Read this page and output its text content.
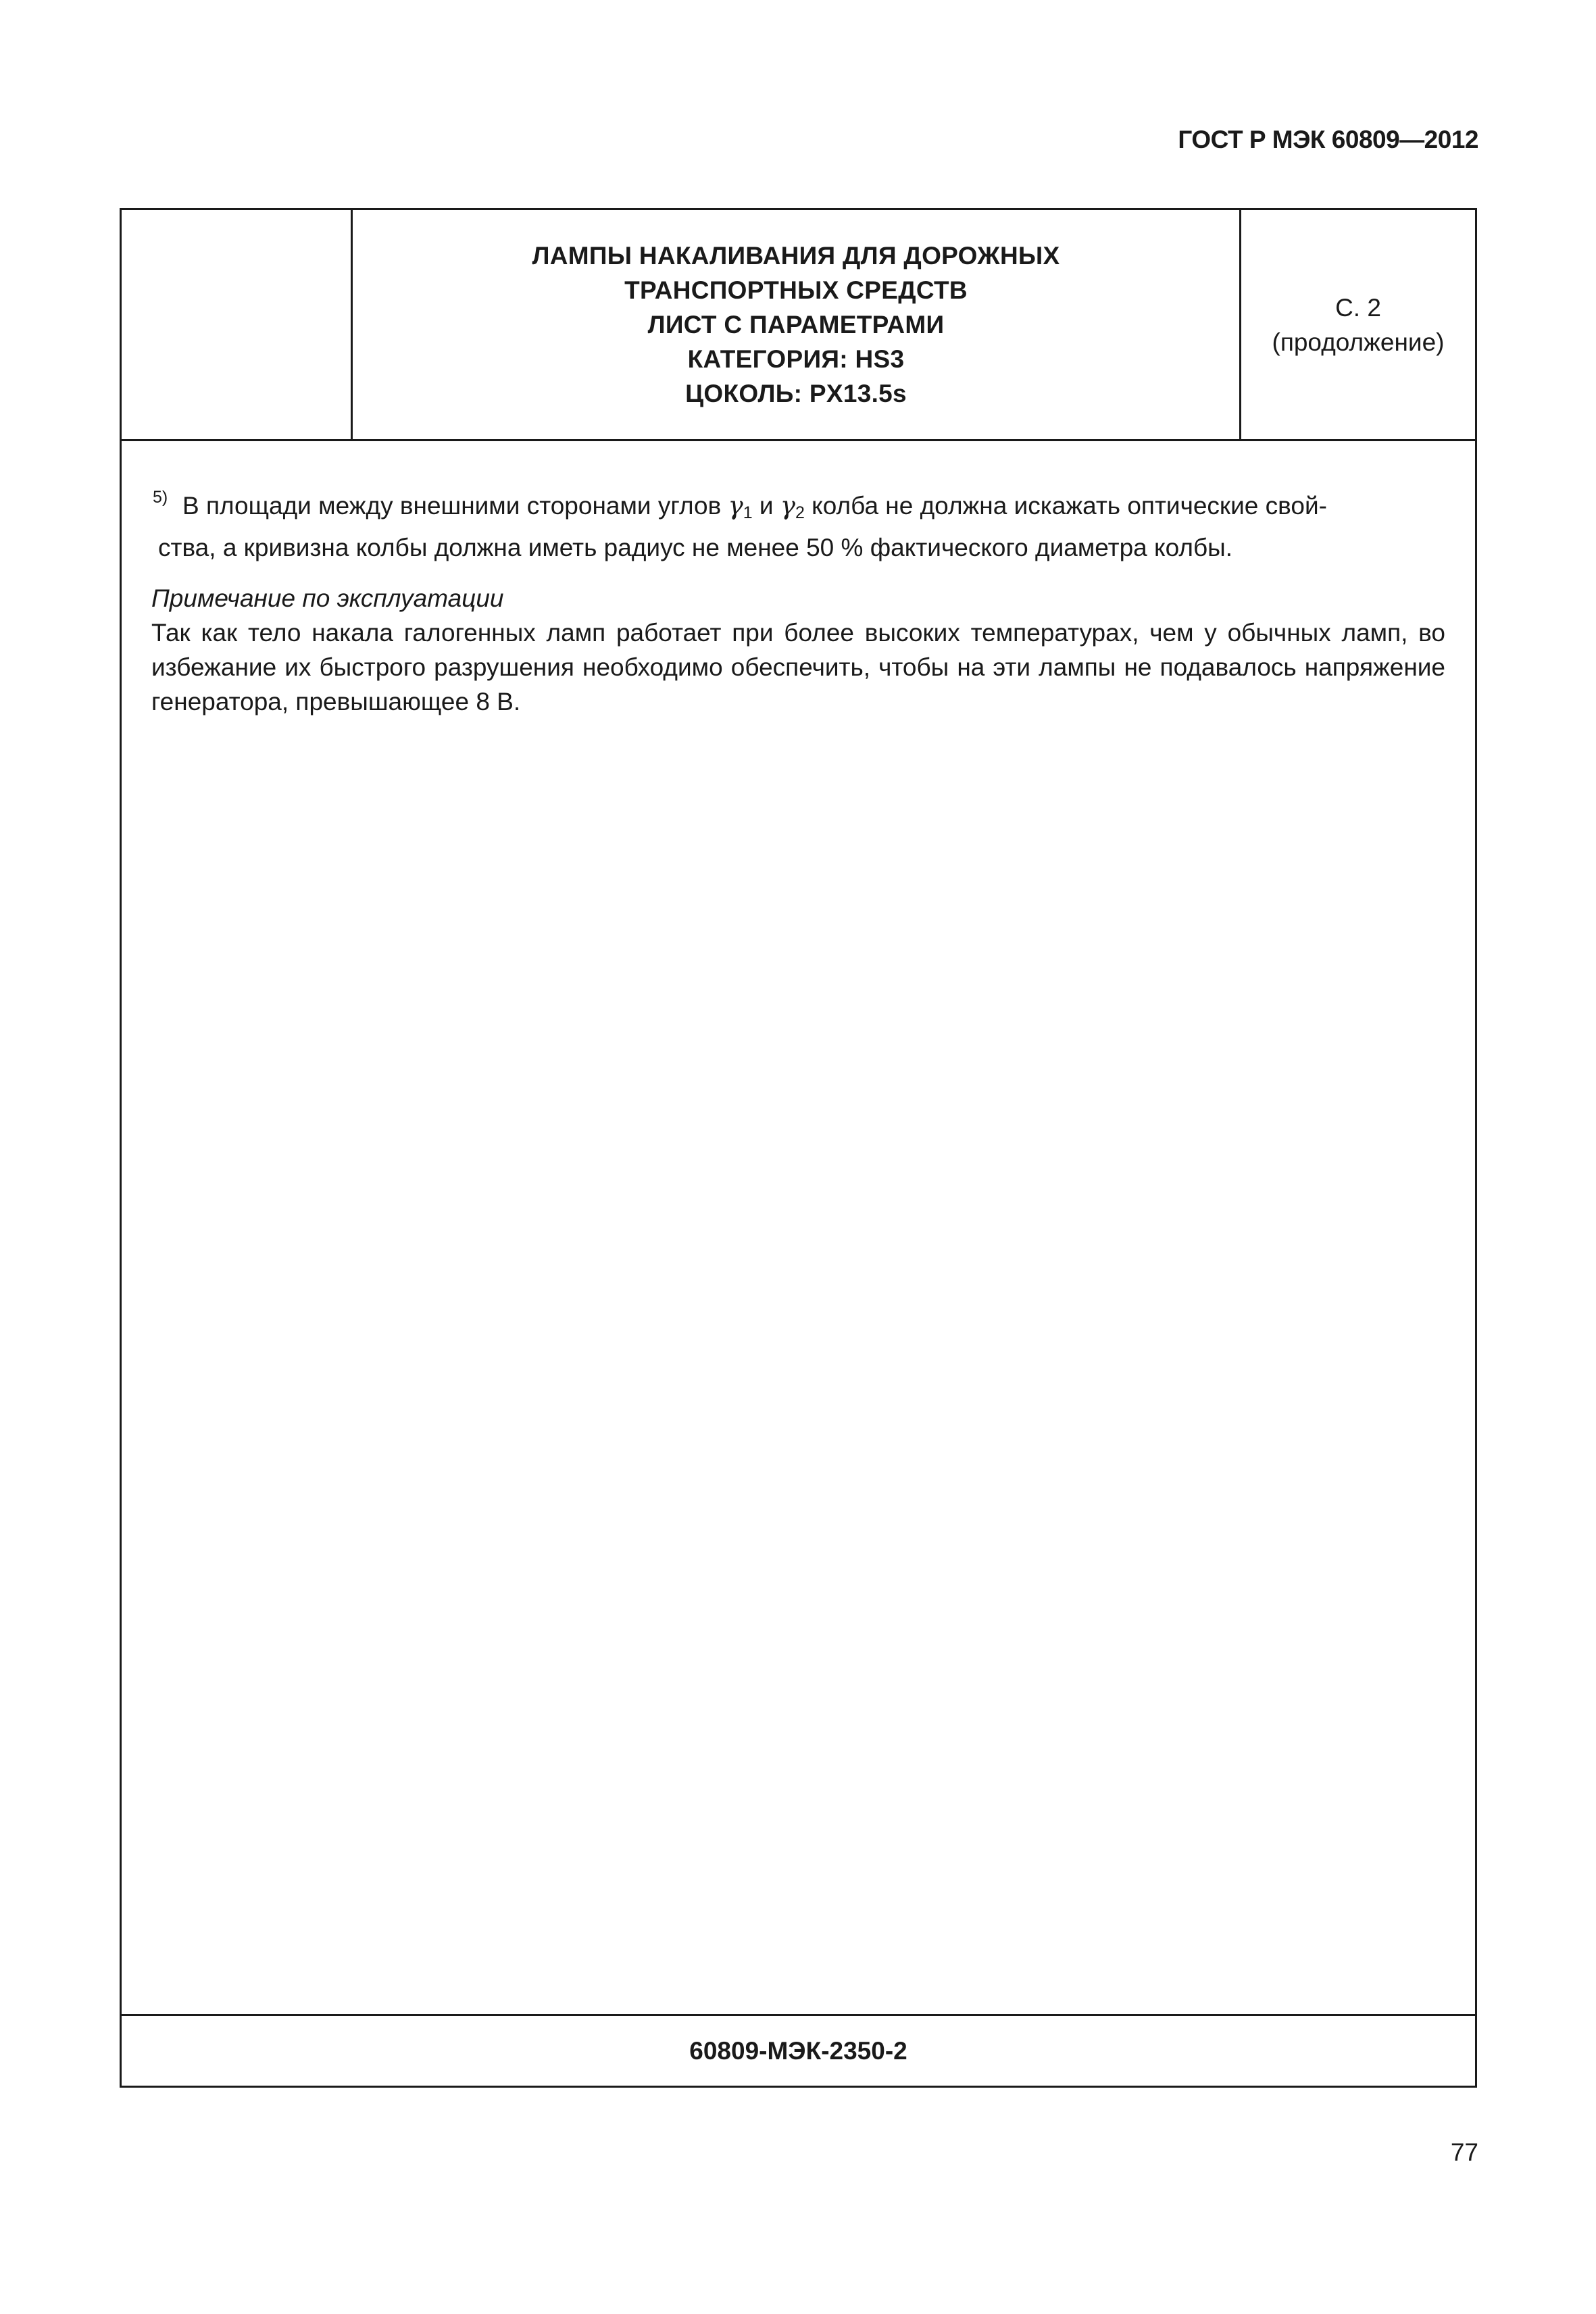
ГОСТ Р МЭК 60809—2012
ЛАМПЫ НАКАЛИВАНИЯ ДЛЯ ДОРОЖНЫХ
ТРАНСПОРТНЫХ СРЕДСТВ
ЛИСТ С ПАРАМЕТРАМИ
КАТЕГОРИЯ: HS3
ЦОКОЛЬ: PX13.5s
С. 2
(продолжение)
5) В площади между внешними сторонами углов $\gamma_1$ и $\gamma_2$ колба не должна искажать оптические свой-
ства, а кривизна колбы должна иметь радиус не менее 50 % фактического диаметра колбы.
Примечание по эксплуатации
Так как тело накала галогенных ламп работает при более высоких температурах, чем у обычных ламп, во избежание их быстрого разрушения необходимо обеспечить, чтобы на эти лампы не подавалось напряжение генератора, превышающее 8 В.
60809-МЭК-2350-2
77
